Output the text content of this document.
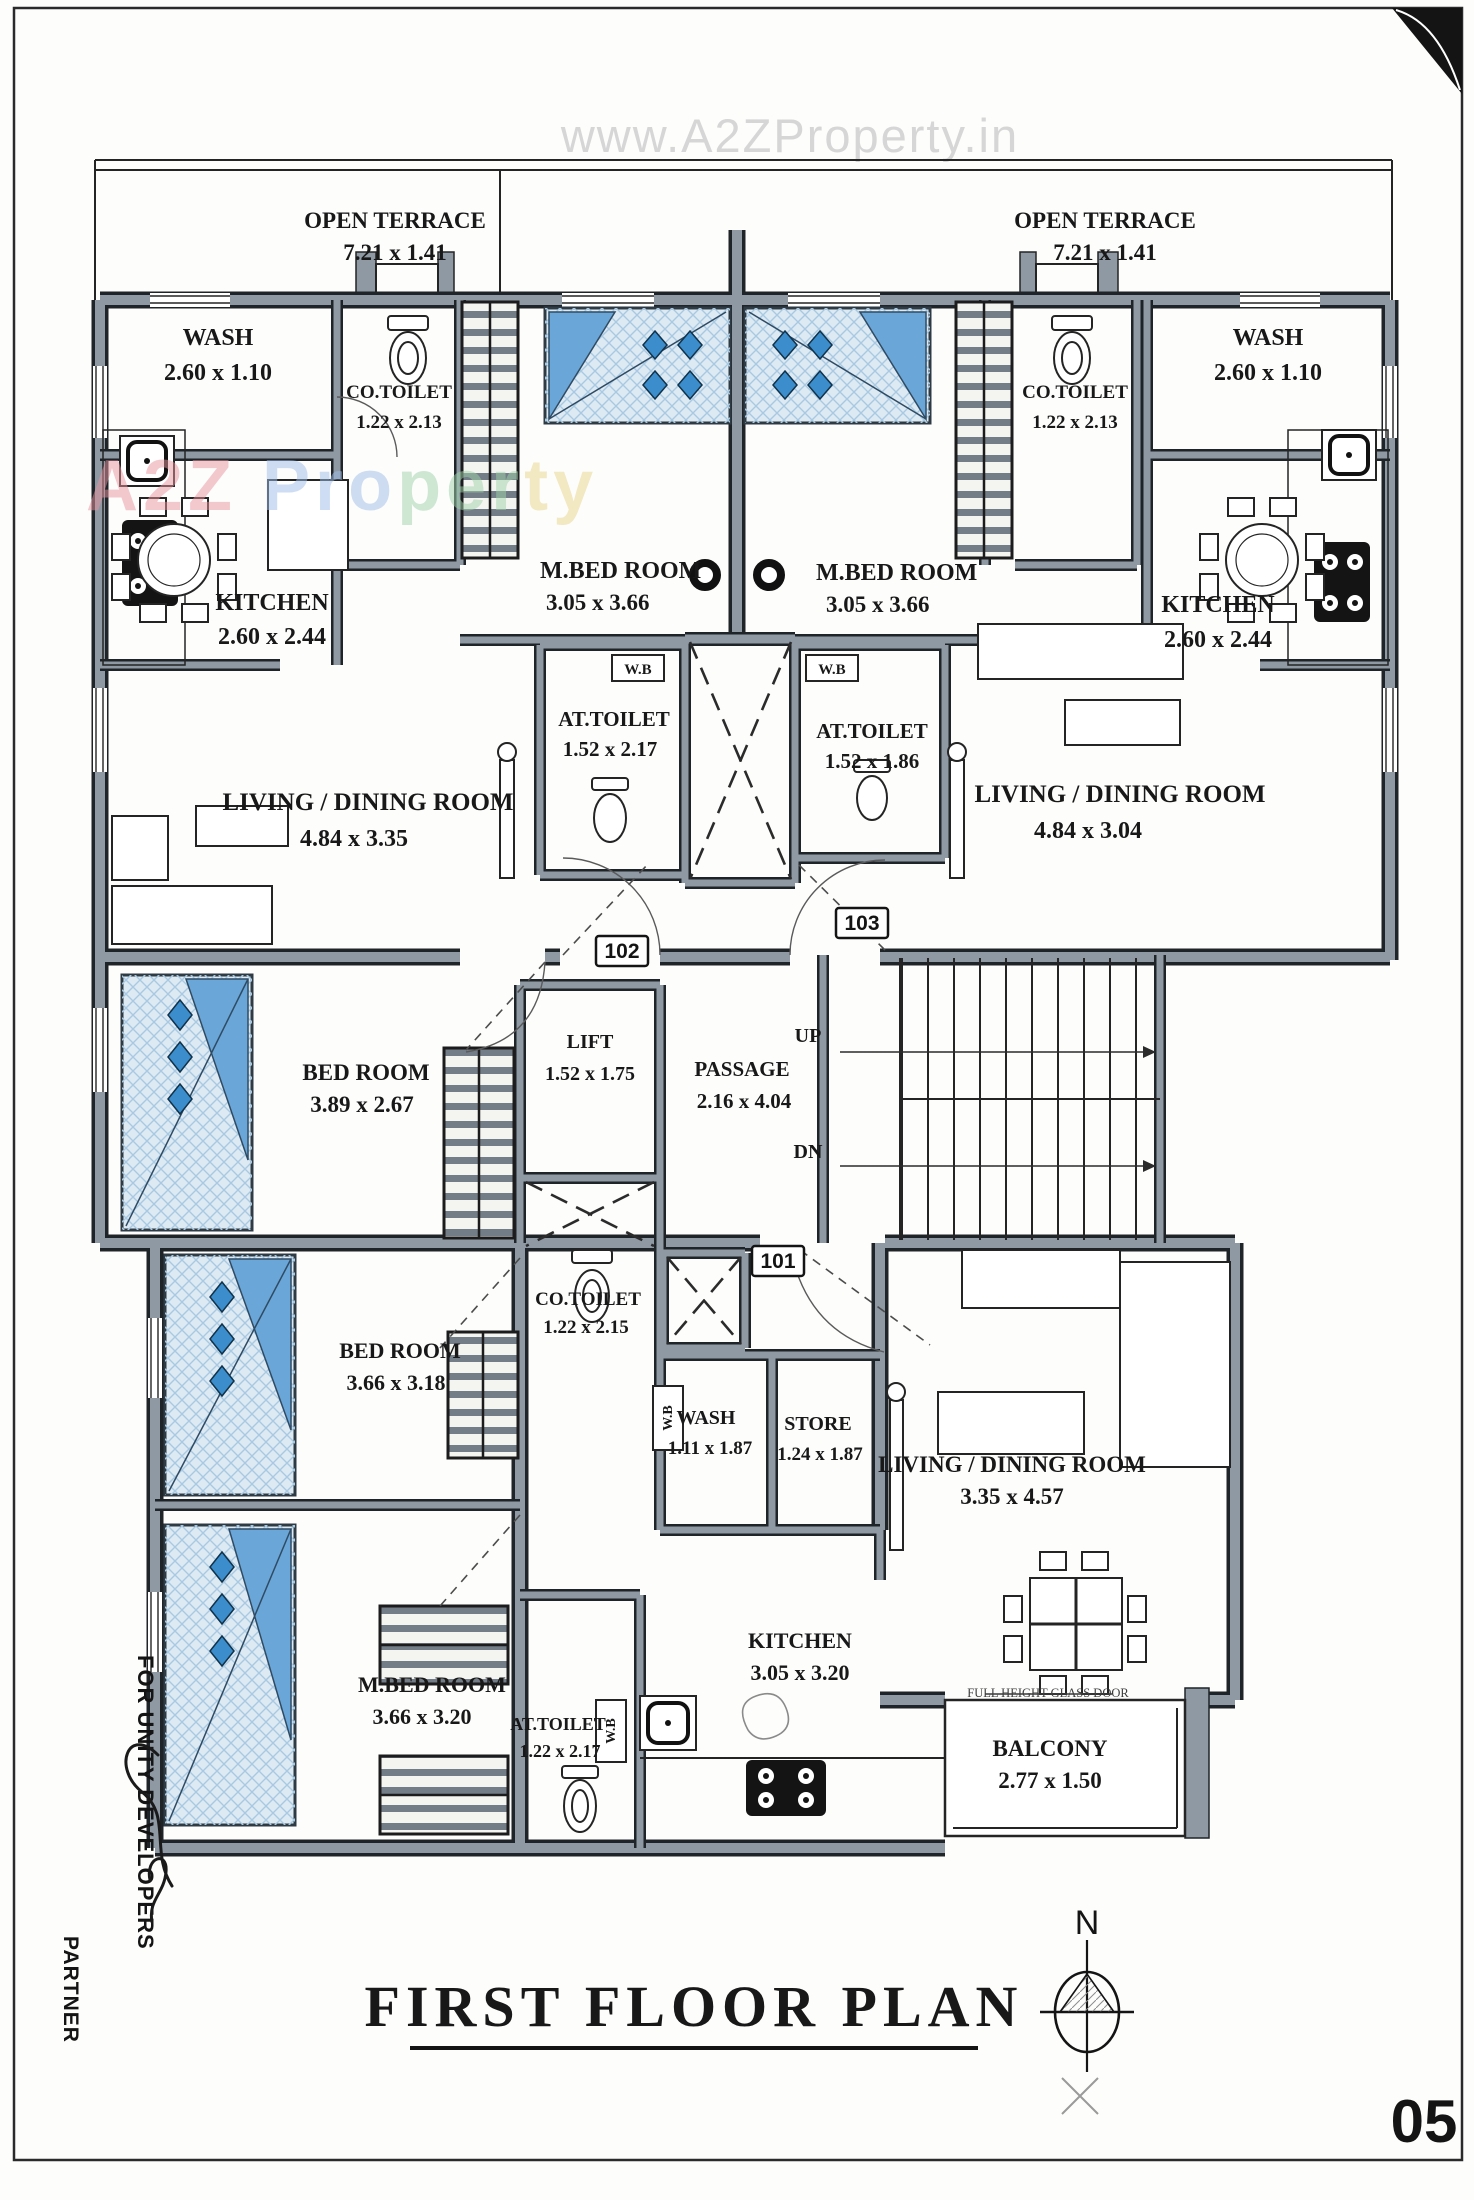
www.A2ZProperty.in
OPEN TERRACE
7.21 x 1.41
OPEN TERRACE
7.21 x 1.41
WASH
2.60 x 1.10
WASH
2.60 x 1.10
CO.TOILET
1.22 x 2.13
CO.TOILET
1.22 x 2.13
M.BED ROOM
3.05 x 3.66
M.BED ROOM
3.05 x 3.66
KITCHEN
2.60 x 2.44
KITCHEN
2.60 x 2.44
AT.TOILET
1.52 x 2.17
AT.TOILET
1.52 x 1.86
LIVING / DINING ROOM
4.84 x 3.35
LIVING / DINING ROOM
4.84 x 3.04
BED ROOM
3.89 x 2.67
LIFT
1.52 x 1.75	PASSAGE
2.16 x 4.04
UP
DN
CO.TOILET
1.22 x 2.15
BED ROOM
3.66 x 3.18
WASH
1.11 x 1.87
STORE
1.24 x 1.87 LIVING / DINING ROOM
3.35 x 4.57
KITCHEN
3.05 x 3.20
M.BED ROOM
3.66 x 3.20 AT.TOILET
1.22 x 2.17	BALCONY
2.77 x 1.50
FULL HEIGHT GLASS DOOR
W.B	W.B
W.B
W.B
102
103
101
A2Z Property
FOR UNITY DEVELOPERS
PARTNER	FIRST FLOOR PLAN
N
05
